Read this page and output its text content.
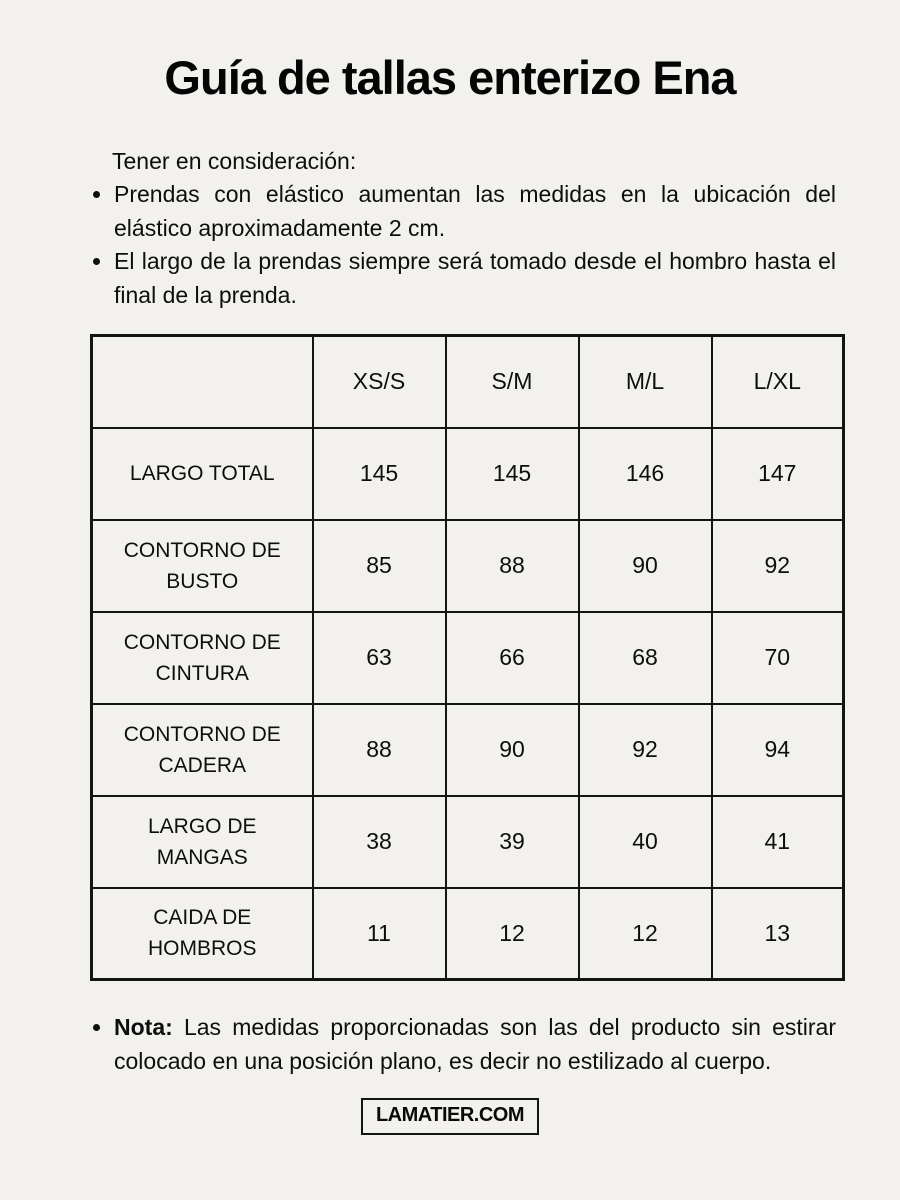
Guía de tallas enterizo Ena
Tener en consideración:
• Prendas con elástico aumentan las medidas en la ubicación del elástico aproximadamente 2 cm.
• El largo de la prendas siempre será tomado desde el hombro hasta el final de la prenda.
	XS/S	S/M	M/L	L/XL
LARGO TOTAL	145	145	146	147
CONTORNO DE BUSTO	85	88	90	92
CONTORNO DE CINTURA	63	66	68	70
CONTORNO DE CADERA	88	90	92	94
LARGO DE MANGAS	38	39	40	41
CAIDA DE HOMBROS	11	12	12	13
• Nota: Las medidas proporcionadas son las del producto sin estirar colocado en una posición plano, es decir no estilizado al cuerpo.
LAMATIER.COM
